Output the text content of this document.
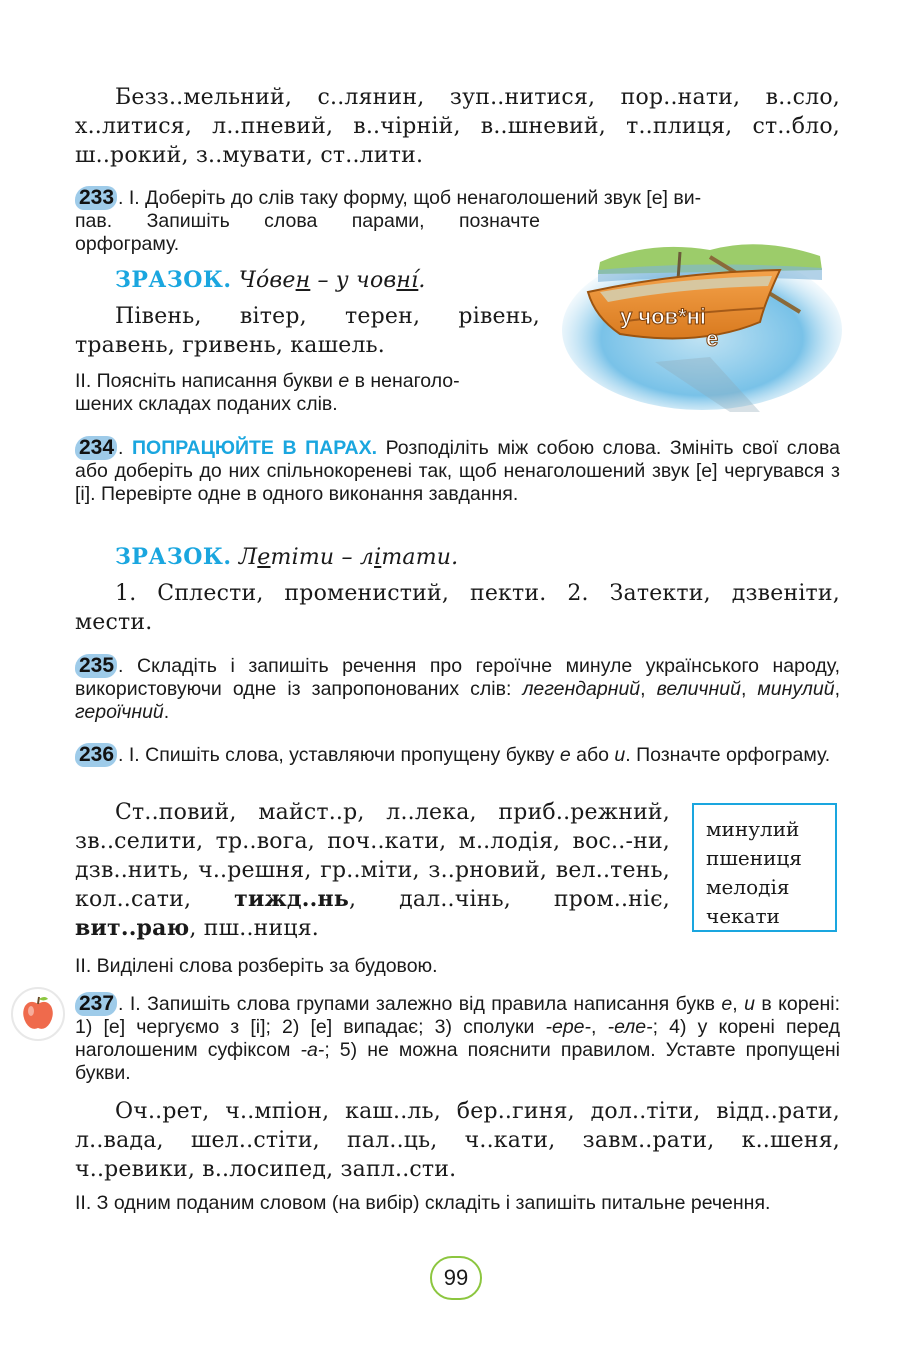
Безз..мельний, с..лянин, зуп..нитися, пор..нати, в..сло, х..литися, л..пневий, в..чірній, в..шневий, т..плиця, ст..бло, ш..рокий, з..мувати, ст..лити.
233 . І. Доберіть до слів таку форму, щоб ненаголошений звук [е] ви-
пав. Запишіть слова парами, позначте
орфограму.
ЗРАЗОК. Чо́вен – у човні́.
Півень, вітер, терен, рівень, травень, гривень, кашель.
ІІ. Поясніть написання букви е в ненаголо-
шених складах поданих слів.
у чов*ні
е
234 . ПОПРАЦЮЙТЕ В ПАРАХ. Розподіліть між собою слова. Змініть свої слова або доберіть до них спільнокореневі так, щоб ненаголошений звук [е] чергувався з [і]. Перевірте одне в одного виконання завдання.
ЗРАЗОК. Летіти – літати.
1. Сплести, променистий, пекти. 2. Затекти, дзвеніти, мести.
235 . Складіть і запишіть речення про героїчне минуле українського народу, використовуючи одне із запропонованих слів: легендарний, величний, минулий, героїчний.
236 . І. Спишіть слова, уставляючи пропущену букву е або и. Позначте орфограму.
Ст..повий, майст..р, л..лека, приб..режний, зв..селити, тр..вога, поч..кати, м..лодія, вос..-ни, дзв..нить, ч..решня, гр..міти, з..рновий, вел..тень, кол..сати, тижд..нь, дал..чінь, пром..ніє, вит..раю, пш..ниця.
минулий
пшениця
мелодія
чекати
ІІ. Виділені слова розберіть за будовою.
237 . І. Запишіть слова групами залежно від правила написання букв е, и в корені: 1) [е] чергуємо з [і]; 2) [е] випадає; 3) сполуки -ере-, -еле-; 4) у корені перед наголошеним суфіксом -а-; 5) не можна пояснити правилом. Уставте пропущені букви.
Оч..рет, ч..мпіон, каш..ль, бер..гиня, дол..тіти, відд..рати, л..вада, шел..стіти, пал..ць, ч..кати, завм..рати, к..шеня, ч..ревики, в..лосипед, запл..сти.
ІІ. З одним поданим словом (на вибір) складіть і запишіть питальне речення.
99
